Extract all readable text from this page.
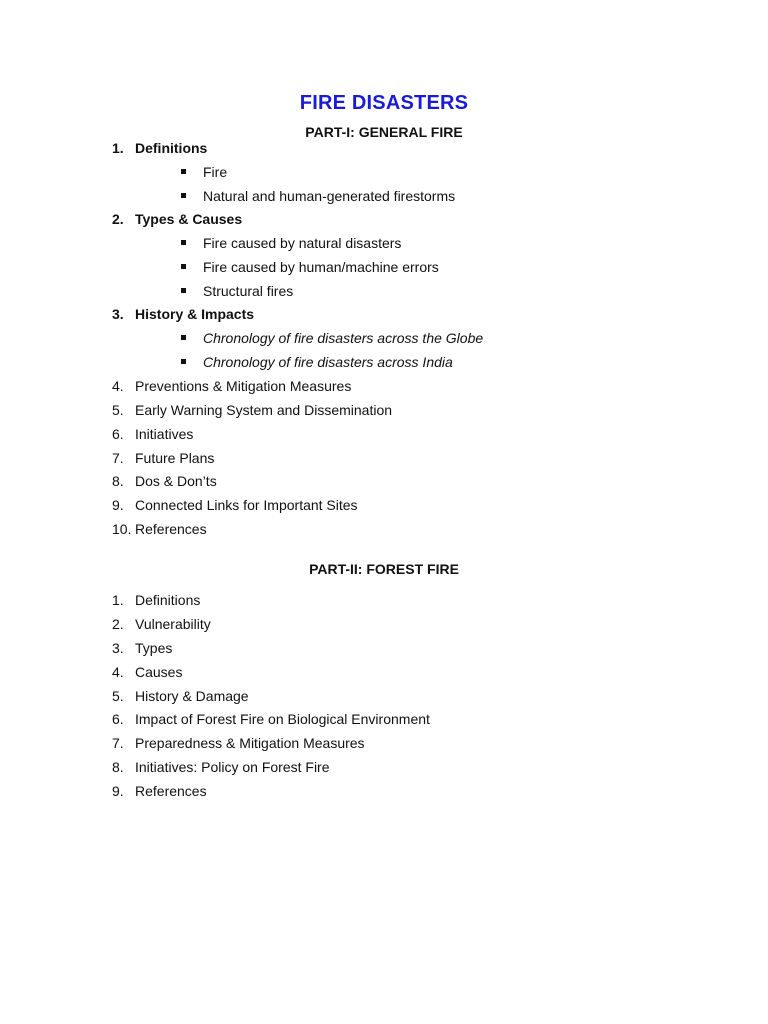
FIRE DISASTERS
PART-I: GENERAL FIRE
1. Definitions
Fire
Natural and human-generated firestorms
2. Types & Causes
Fire caused by natural disasters
Fire caused by human/machine errors
Structural fires
3. History & Impacts
Chronology of fire disasters across the Globe
Chronology of fire disasters across India
4. Preventions & Mitigation Measures
5. Early Warning System and Dissemination
6. Initiatives
7. Future Plans
8. Dos & Don’ts
9. Connected Links for Important Sites
10. References
PART-II: FOREST FIRE
1. Definitions
2. Vulnerability
3. Types
4. Causes
5. History & Damage
6. Impact of Forest Fire on Biological Environment
7. Preparedness & Mitigation Measures
8. Initiatives: Policy on Forest Fire
9. References
